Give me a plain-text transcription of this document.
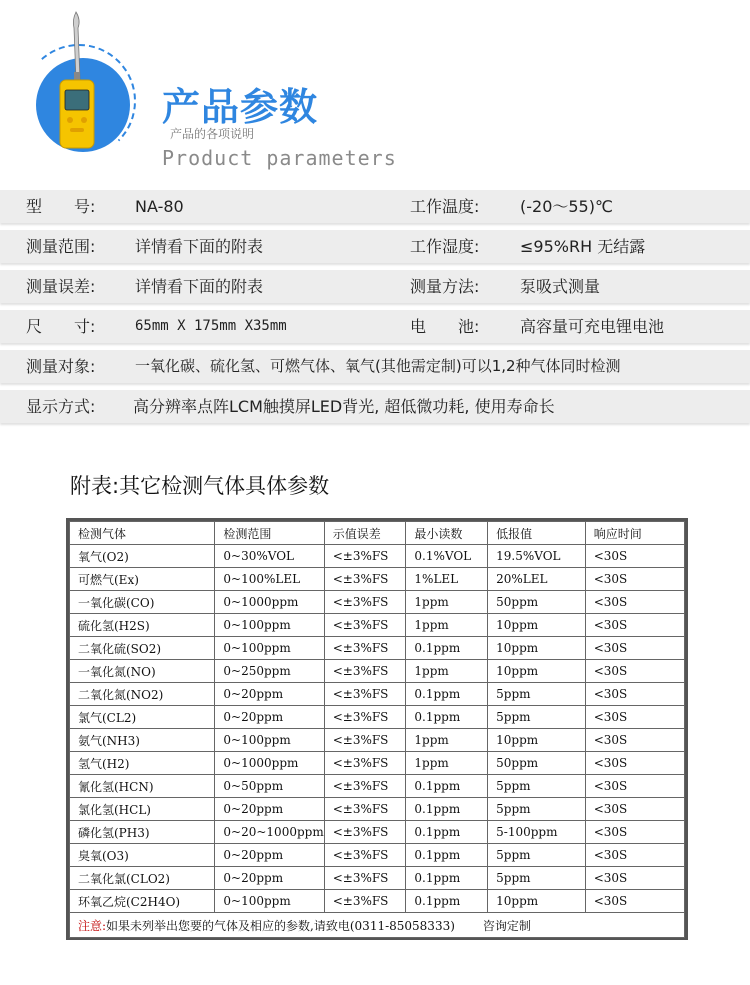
产品参数
产品的各项说明
Product parameters
型　　号: NA-80	工作温度:	(-20～55)℃
测量范围: 详情看下面的附表	工作湿度:	≤95%RH 无结露
测量误差: 详情看下面的附表	测量方法:	泵吸式测量
尺　　寸:	65mm X 175mm X35mm	电　　池:	高容量可充电锂电池
测量对象:	一氧化碳、硫化氢、可燃气体、氧气(其他需定制)可以1,2种气体同时检测
显示方式: 高分辨率点阵LCM触摸屏LED背光, 超低微功耗, 使用寿命长
附表:其它检测气体具体参数
检测气体	检测范围	示值误差	最小读数	低报值	响应时间
氧气(O2)	0~30%VOL	<±3%FS	0.1%VOL	19.5%VOL	<30S
可燃气(Ex)	0~100%LEL	<±3%FS	1%LEL	20%LEL	<30S
一氧化碳(CO)	0~1000ppm	<±3%FS	1ppm	50ppm	<30S
硫化氢(H2S)	0~100ppm	<±3%FS	1ppm	10ppm	<30S
二氧化硫(SO2)	0~100ppm	<±3%FS	0.1ppm	10ppm	<30S
一氧化氮(NO)	0~250ppm	<±3%FS	1ppm	10ppm	<30S
二氧化氮(NO2)	0~20ppm	<±3%FS	0.1ppm	5ppm	<30S
氯气(CL2)	0~20ppm	<±3%FS	0.1ppm	5ppm	<30S
氨气(NH3)	0~100ppm	<±3%FS	1ppm	10ppm	<30S
氢气(H2)	0~1000ppm	<±3%FS	1ppm	50ppm	<30S
氰化氢(HCN)	0~50ppm	<±3%FS	0.1ppm	5ppm	<30S
氯化氢(HCL)	0~20ppm	<±3%FS	0.1ppm	5ppm	<30S
磷化氢(PH3)	0~20~1000ppm	<±3%FS	0.1ppm	5-100ppm	<30S
臭氧(O3)	0~20ppm	<±3%FS	0.1ppm	5ppm	<30S
二氧化氯(CLO2)	0~20ppm	<±3%FS	0.1ppm	5ppm	<30S
环氧乙烷(C2H4O)	0~100ppm	<±3%FS	0.1ppm	10ppm	<30S
注意:如果未列举出您要的气体及相应的参数,请致电(0311-85058333) 咨询定制					
